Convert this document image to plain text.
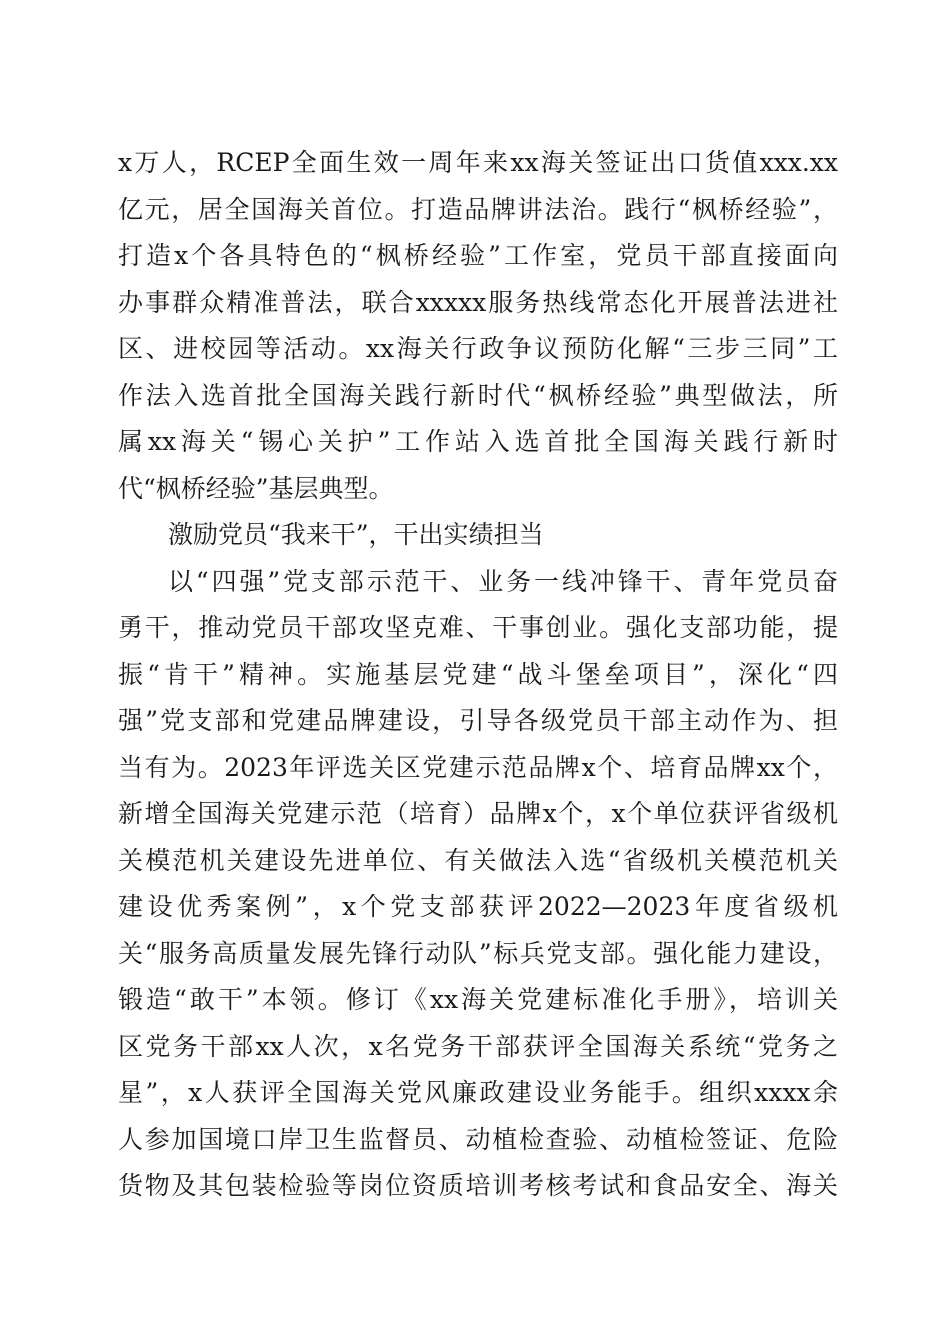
x万人，RCEP全面生效一周年来xx海关签证出口货值xxx.xx
亿元，居全国海关首位。打造品牌讲法治。践行“枫桥经验”，
打造x个各具特色的“枫桥经验”工作室，党员干部直接面向
办事群众精准普法，联合xxxxx服务热线常态化开展普法进社
区、进校园等活动。xx海关行政争议预防化解“三步三同”工
作法入选首批全国海关践行新时代“枫桥经验”典型做法，所
属xx海关“锡心关护”工作站入选首批全国海关践行新时
代“枫桥经验”基层典型。
激励党员“我来干”，干出实绩担当
以“四强”党支部示范干、业务一线冲锋干、青年党员奋
勇干，推动党员干部攻坚克难、干事创业。强化支部功能，提
振“肯干”精神。实施基层党建“战斗堡垒项目”，深化“四
强”党支部和党建品牌建设，引导各级党员干部主动作为、担
当有为。2023年评选关区党建示范品牌x个、培育品牌xx个，
新增全国海关党建示范（培育）品牌x个，x个单位获评省级机
关模范机关建设先进单位、有关做法入选“省级机关模范机关
建设优秀案例”，x个党支部获评2022—2023年度省级机
关“服务高质量发展先锋行动队”标兵党支部。强化能力建设，
锻造“敢干”本领。修订《xx海关党建标准化手册》，培训关
区党务干部xx人次，x名党务干部获评全国海关系统“党务之
星”，x人获评全国海关党风廉政建设业务能手。组织xxxx余
人参加国境口岸卫生监督员、动植检查验、动植检签证、危险
货物及其包装检验等岗位资质培训考核考试和食品安全、海关
